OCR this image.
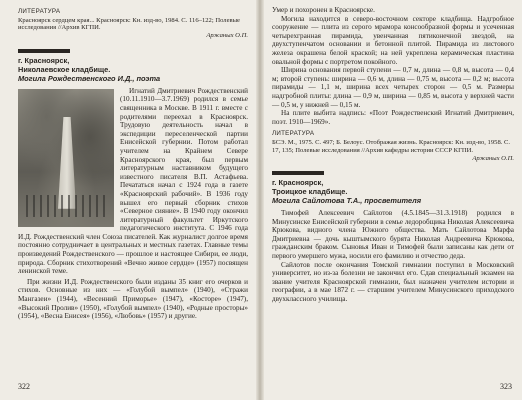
ЛИТЕРАТУРА
Красноярск сердцем края... Красноярск: Кн. изд-во, 1984. С. 116–122; Полевые исследования //Архив КГПИ.
Аржаных О.П.
г. Красноярск,
Николаевское кладбище.
Могила Рождественского И.Д., поэта

Игнатий Дмитриевич Рождественский (10.11.1910—3.7.1969) родился в семье священника в Москве. В 1911 г. вместе с родителями переехал в Красноярск. Трудовую деятельность начал в экспедиции переселенческой партии Енисейской губернии. Потом работал учителем на Крайнем Севере Красноярского края, был первым литературным наставником будущего известного писателя В.П. Астафьева. Печататься начал с 1924 года в газете «Красноярский рабочий». В 1936 году вышел его первый сборник стихов «Северное сияние». В 1940 году окончил литературный факультет Иркутского педагогического института. С 1946 года И.Д. Рождественский член Союза писателей. Как журналист долгое время постоянно сотрудничает в центральных и местных газетах. Главные темы произведений Рождественского — прошлое и настоящее Сибири, ее люди, природа. Сборник стихотворений «Вечно живое сердце» (1957) посвящен ленинской теме.

При жизни И.Д. Рождественского были изданы 35 книг его очерков и стихов. Основные из них — «Голубой вымпел» (1940), «Стражи Мангазеи» (1944), «Весенний Приморье» (1947), «Косторе» (1947), «Высокий Пролив» (1950), «Голубой вымпел» (1940), «Родные просторы» (1954), «Весна Енисея» (1956), «Любовь» (1957) и другие.

322

Умер и похоронен в Красноярске.

Могила находится в северо-восточном секторе кладбища. Надгробное сооружение — плита из серого мрамора консообразной формы и усеченная четырехгранная пирамида, увенчанная пятиконечной звездой, на двухступенчатом основании и бетонной плитой. Пирамида из листового железа окрашена белой краской; на ней укреплена керамическая пластина овальной формы с портретом покойного.

Ширина основания первой ступени — 0,7 м, длина — 0,8 м, высота — 0,4 м; второй ступень: ширина — 0,6 м, длина — 0,75 м, высота — 0,2 м; высота пирамиды — 1,1 м, ширина всех четырех сторон — 0,5 м. Размеры надгробной плиты: длина — 0,9 м, ширина — 0,85 м, высота у верхней части — 0,5 м, у нижней — 0,15 м.

На плите выбита надпись: «Поэт Рождественский Игнатий Дмитриевич, поэт. 1910—1969».

ЛИТЕРАТУРА
БСЭ. М., 1975. С. 497; Б. Белоус. Отображая жизнь. Красноярск: Кн. изд-во, 1958. С. 17, 135; Полевые исследования //Архив кафедры истории СССР КГПИ.
Аржаных О.П.
г. Красноярск,
Троицкое кладбище.
Могила Сайлотова Т.А., просветителя

Тимофей Алексеевич Сайлотов (4.5.1845—31.3.1918) родился в Минусинске Енисейской губернии в семье ледоробщика Николая Алексеевича Крюкова, видного члена Южного общества. Мать Сайлотова Марфа Дмитриевна — дочь кыштымского бурята Николая Андреевича Крюкова, гражданским браком. Сыновья Иван и Тимофей были записаны как дети от первого умершего мужа, носили его фамилию и отчество деда.

Сайлотов после окончания Томской гимназии поступил в Московский университет, но из-за болезни не закончил его. Сдав специальный экзамен на звание учителя Красноярской гимназии, был назначен учителем истории и географии, а в мае 1872 г. — старшим учителем Минусинского приходского двухклассного училища.

323
